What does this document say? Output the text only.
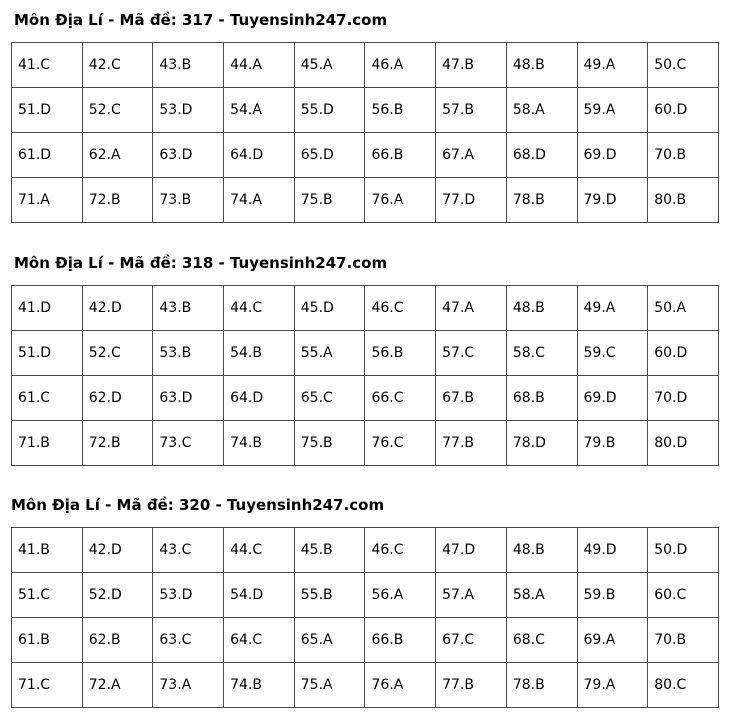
Môn Địa Lí - Mã đề: 317 - Tuyensinh247.com
41.C	42.C	43.B	44.A	45.A	46.A	47.B	48.B	49.A	50.C
51.D	52.C	53.D	54.A	55.D	56.B	57.B	58.A	59.A	60.D
61.D	62.A	63.D	64.D	65.D	66.B	67.A	68.D	69.D	70.B
71.A	72.B	73.B	74.A	75.B	76.A	77.D	78.B	79.D	80.B
Môn Địa Lí - Mã đề: 318 - Tuyensinh247.com
41.D	42.D	43.B	44.C	45.D	46.C	47.A	48.B	49.A	50.A
51.D	52.C	53.B	54.B	55.A	56.B	57.C	58.C	59.C	60.D
61.C	62.D	63.D	64.D	65.C	66.C	67.B	68.B	69.D	70.D
71.B	72.B	73.C	74.B	75.B	76.C	77.B	78.D	79.B	80.D
Môn Địa Lí - Mã đề: 320 - Tuyensinh247.com
41.B	42.D	43.C	44.C	45.B	46.C	47.D	48.B	49.D	50.D
51.C	52.D	53.D	54.D	55.B	56.A	57.A	58.A	59.B	60.C
61.B	62.B	63.C	64.C	65.A	66.B	67.C	68.C	69.A	70.B
71.C	72.A	73.A	74.B	75.A	76.A	77.B	78.B	79.A	80.C
